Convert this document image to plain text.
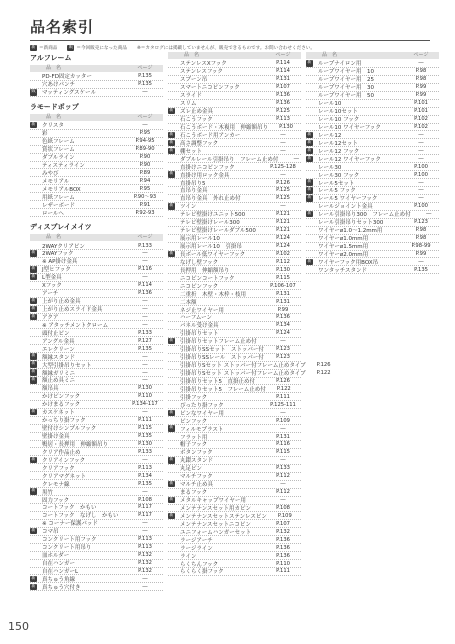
品名索引
新 ＝新商品	販 ＝今回販売になった商品 ※＝カタログには掲載していませんが、販売できるものです。お問い合わせください。
アルフレーム
品　名	ページ
PD-FD固定カッター	P.135
穴あけパンチ	P.135
販 マッティングスケール	―
ラモードポップ
品　名	ページ
新 クリスタ	―
彩	P.95
色紙フレーム	P.94-95
賞状フレーム	P.89-90
ダブルライン	P.90
ティスティライン	P.90
みやび	P.89
メモリアル	P.94
メモリアルBOX	P.95
用紙フレーム	P.90〜93
レザーボード	P.91
ロールヘ	P.92-93
ディスプレイメイツ
品　名	ページ
2WAYクリアピン	P.133
新 2WAYフック	―
※ AP掛け金具	―
新 J型ヒフック	P.116
新 L型金具	―
Xフック	P.114
アーチ	P.136
新 上がり止め金具	―
新 上がり止めスライド金具	―
新 アクア	―
※ アタッチメントクローム	―
頭付止ピン	P.133
アングル金具	P.127
エレクリーン	P.135
新 額縁スタンド	―
新 大型引掛吊りセット	―
新 額縁ガリミニ	―
新 額止め具ミニ	―
額吊具	P.130
かけピンフック	P.110
かけまるフック	P.134-117
新 カスケネット	―
かっちり掛フック	P.111
壁付けシンプルフック	P.115
壁掛け金具	P.135
鴨居・長押用　伸縮額吊り	P.130
クリア作品止め	P.133
新 クリアインフック	―
クリアフック	P.113
クリアマグネット	P.134
クレモナ線	P.135
新 黒竹	―
固力フック	P.108
コートフック　かもい	P.117
コートフック　なげし　かもい	P.117
※ コーナー保護パッド	―
新 コマ吊	―
コンクリート用フック	P.113
コンクリート用吊り	P.113
皿ホルダー	P.132
自在ハンガー	P.132
自在ハンガーL	P.132
新 真ちゅう角線	―
新 真ちゅう穴付き	―
品　名	ページ
ステンレスXフック	P.114
ステンレスフック	P.114
スプーン吊	P.131
スマートニコピンフック	P.107
スライド	P.136
スリム	P.136
新 ズレ止め金具	P.125
石こうフック	P.113
石こうボード・木複用　伸縮額吊り	P.130
新 石こうボード用アンカー	―
新 高さ調整フック	―
新 棚セット	―
ダブルレール引掛吊り　フレーム止め付	―
直掛けニコピンフック	P.125-128
新 直掛け用ロック金具	―
直掛吊り5	P.126
直吊り金具	P.125
直吊り金具　外れ止め付	P.125
新 ツイン	―
テレビ壁掛けユニット500	P.121
テレビ壁掛けレール300	P.121
テレビ壁掛けレールダブル500	P.121
展示用レール10	P.124
展示用レール10　引掛吊	P.124
新 長ボール低ワイヤーフック	P.102
なげし壁フック	P.112
長押用　伸縮額吊り	P.130
ニコピンコートフック	P.115
ニコピンフック	P.106-107
二重折　木壁・木枠・枝用	P.131
二本額	P.131
ネジ止ワイヤー用	P.99
ハーフムーン	P.136
パネル受け金具	P.134
引掛吊りセット	P.124
新 引掛吊りセットフレーム止め付	―
引掛吊りSSセット　ストッパー付	P.123
引掛吊りSSレール　ストッパー付	P.123
引掛吊りSセット ストッパー付フレーム止めタイプ	P.126
引掛吊りSセット ストッパー付フレーム止めタイプ	P.122
引掛吊りセット5　直掛止め付	P.126
引掛吊りセット5　フレーム止め付	P.122
引掛フック	P.111
ぴったり掛フック	P.125-111
新 ピンなワイヤー用	―
ピンフック	P.109
新 フィルモプラスト	―
フラット用	P.131
帽子フック	P.116
ボタンフック	P.115
新 丸鐶スタンド	―
丸足ピン	P.133
マルチフック	P.112
新 マルチ止め具	―
まるフック	P.112
新 メタルキャップワイヤー用	―
メンテナンスセット用カピン	P.108
新 メンテナンスセットステンレスピン	P.109
メンテナンスセットニコピン	P.107
ユニフォームハンガーセット	P.132
ラージアーチ	P.136
ラージライン	P.136
ライン	P.136
らくちんフック	P.110
らくらく掛フック	P.111
品　名	ページ
新 ループナイロン用	―
ループワイヤー用　10	P.98
ループワイヤー用　25	P.98
ループワイヤー用　30	P.99
ループワイヤー用　50	P.99
レール10	P.101
レール10セット	P.101
レール10 フック	P.102
レール10 ワイヤーフック	P.102
新 レール12	―
新 レール12セット	―
新 レール12 フック	―
新 レール12 ワイヤーフック	―
レール30	P.100
レール30 フック	P.100
新 レール5セット	―
新 レール5 フック	―
新 レール5 ワイヤーフック	―
レールジョイント金具	P.100
新 レール引掛吊り300　フレーム止め付	―
レール引掛吊りセット300	P.123
ワイヤーø1.0〜1.2mm用	P.98
ワイヤーø1.0mm用	P.98
ワイヤーø1.5mm用	P.98-99
ワイヤーø2.0mm用	P.99
新 ワイヤーフック用BOX吊	―
ワンタッチスタンド	P.135
150
